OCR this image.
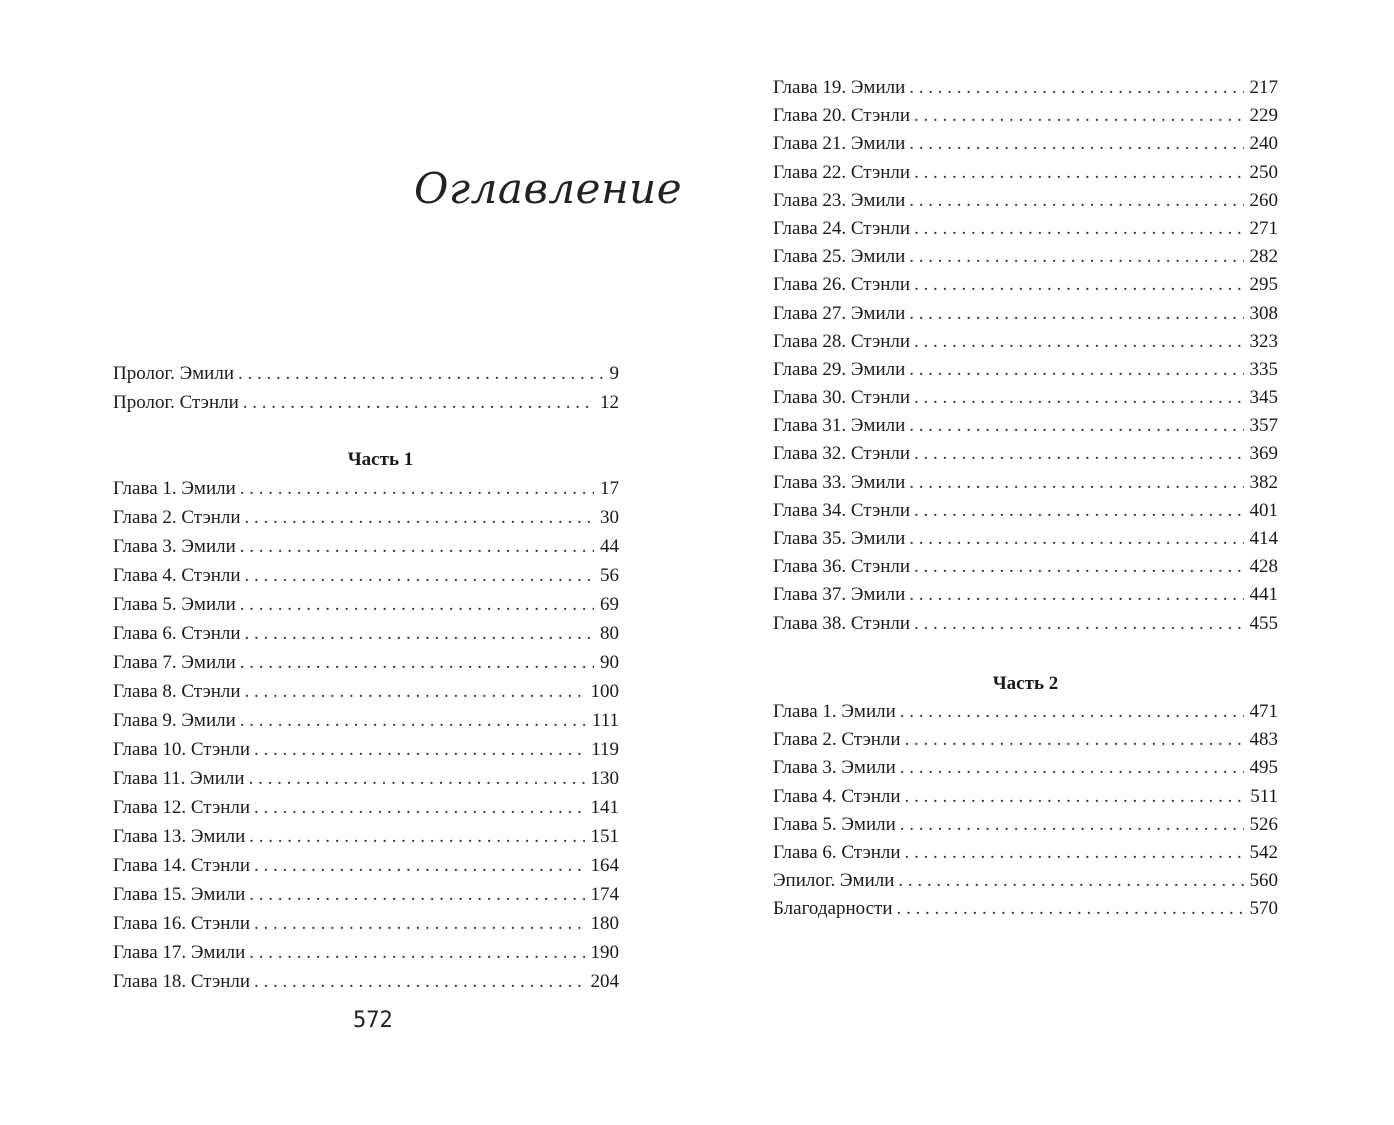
Оглавление
Пролог. Эмили . . .	9
Пролог. Стэнли . . .	12
Часть 1
Глава 1. Эмили . . .	17
Глава 2. Стэнли . . .	30
Глава 3. Эмили . . .	44
Глава 4. Стэнли . . .	56
Глава 5. Эмили . . .	69
Глава 6. Стэнли . . .	80
Глава 7. Эмили . . .	90
Глава 8. Стэнли . . .	100
Глава 9. Эмили . . .	111
Глава 10. Стэнли . . .	119
Глава 11. Эмили . . .	130
Глава 12. Стэнли . . .	141
Глава 13. Эмили . . .	151
Глава 14. Стэнли . . .	164
Глава 15. Эмили . . .	174
Глава 16. Стэнли . . .	180
Глава 17. Эмили . . .	190
Глава 18. Стэнли . . .	204
572
Глава 19. Эмили . . .	217
Глава 20. Стэнли . . .	229
Глава 21. Эмили . . .	240
Глава 22. Стэнли . . .	250
Глава 23. Эмили . . .	260
Глава 24. Стэнли . . .	271
Глава 25. Эмили . . .	282
Глава 26. Стэнли . . .	295
Глава 27. Эмили . . .	308
Глава 28. Стэнли . . .	323
Глава 29. Эмили . . .	335
Глава 30. Стэнли . . .	345
Глава 31. Эмили . . .	357
Глава 32. Стэнли . . .	369
Глава 33. Эмили . . .	382
Глава 34. Стэнли . . .	401
Глава 35. Эмили . . .	414
Глава 36. Стэнли . . .	428
Глава 37. Эмили . . .	441
Глава 38. Стэнли . . .	455
Часть 2
Глава 1. Эмили . . .	471
Глава 2. Стэнли . . .	483
Глава 3. Эмили . . .	495
Глава 4. Стэнли . . .	511
Глава 5. Эмили . . .	526
Глава 6. Стэнли . . .	542
Эпилог. Эмили . . .	560
Благодарности . . .	570
